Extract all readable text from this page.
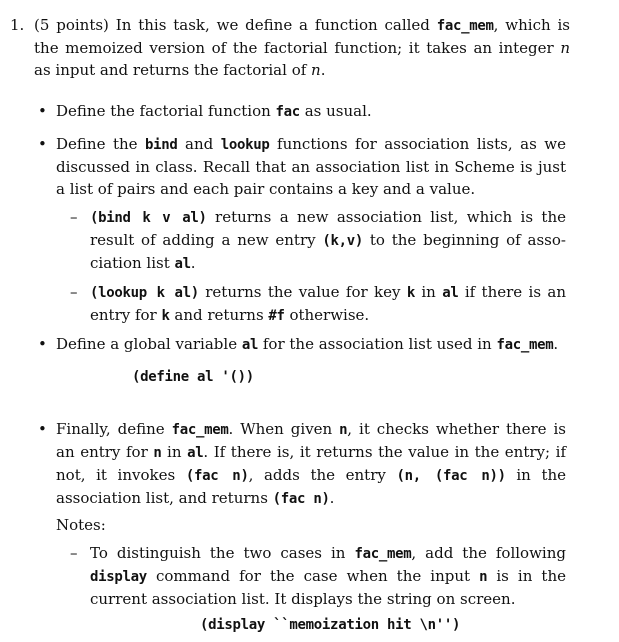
1. (5 points) In this task, we define a function called fac_mem, which is the memoized version of the factorial function; it takes an integer n as input and returns the factorial of n.
• Define the factorial function fac as usual.
• Define the bind and lookup functions for association lists, as we discussed in class. Recall that an association list in Scheme is just a list of pairs and each pair contains a key and a value.
– (bind k v al) returns a new association list, which is the result of adding a new entry (k,v) to the beginning of asso-ciation list al.
– (lookup k al) returns the value for key k in al if there is an entry for k and returns #f otherwise.
• Define a global variable al for the association list used in fac_mem.
(define al '())
• Finally, define fac_mem. When given n, it checks whether there is an entry for n in al. If there is, it returns the value in the entry; if not, it invokes (fac n), adds the entry (n, (fac n)) in the association list, and returns (fac n).
Notes:
– To distinguish the two cases in fac_mem, add the following display command for the case when the input n is in the current association list. It displays the string on screen.
(display ``memoization hit \n'')
